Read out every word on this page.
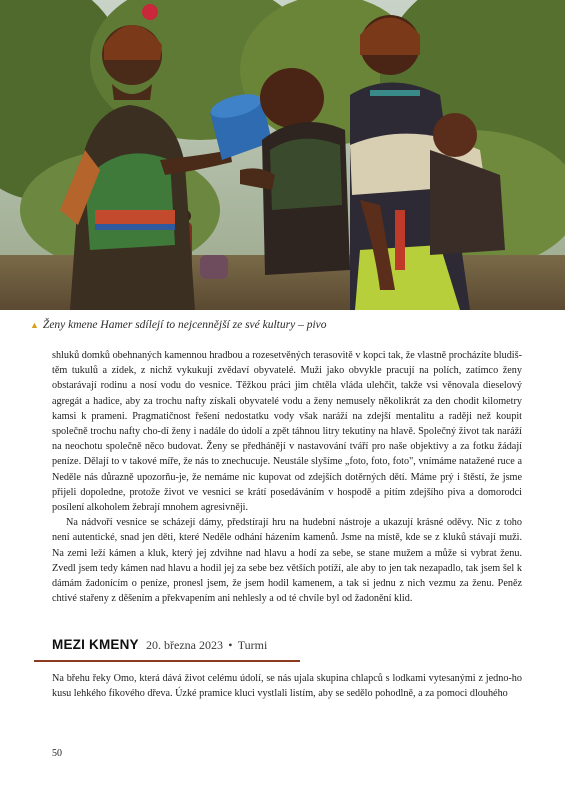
▲ Ženy kmene Hamer sdílejí to nejcennější ze své kultury – pivo

shluků domků obehnaných kamennou hradbou a rozesetvěných terasovitě v kopci tak, že vlastně procházíte bludiš-těm tukulů a zídek, z nichž vykukují zvědaví obyvatelé. Muži jako obvykle pracují na polích, zatímco ženy obstarávají rodinu a nosí vodu do vesnice. Těžkou práci jim chtěla vláda ulehčit, takže vsi věnovala dieselový agregát a hadice, aby za trochu nafty získali obyvatelé vodu a ženy nemusely několikrát za den chodit kilometry kamsi k prameni. Pragmatičnost řešení nedostatku vody však naráží na zdejší mentalitu a raději než koupit společně trochu nafty cho-dí ženy i nadále do údolí a zpět táhnou litry tekutiny na hlavě. Společný život tak naráží na neochotu společně něco budovat. Ženy se předhánějí v nastavování tváří pro naše objektivy a za fotku žádají peníze. Dělají to v takové míře, že nás to znechucuje. Neustále slyšíme „foto, foto, foto", vnímáme natažené ruce a Neděle nás důrazně upozorňu-je, že nemáme nic kupovat od zdejších dotěrných dětí. Máme prý i štěstí, že jsme přijeli dopoledne, protože život ve vesnici se krátí posedáváním v hospodě a pitím zdejšího piva a domorodci posílení alkoholem žebrají mnohem agresivněji.

Na nádvoří vesnice se scházejí dámy, předstírají hru na hudební nástroje a ukazují krásné oděvy. Nic z toho není autentické, snad jen děti, které Neděle odhání házením kamenů. Jsme na místě, kde se z kluků stávají muži. Na zemi leží kámen a kluk, který jej zdvihne nad hlavu a hodí za sebe, se stane mužem a může si vybrat ženu. Zvedl jsem tedy kámen nad hlavu a hodil jej za sebe bez větších potíží, ale aby to jen tak nezapadlo, tak jsem šel k dámám žadonícím o peníze, pronesl jsem, že jsem hodil kamenem, a tak si jednu z nich vezmu za ženu. Peněz chtivé stařeny z děšením a překvapením ani nehlesly a od té chvíle byl od žadonění klid.

MEZI KMENY 20. března 2023 • Turmi

Na břehu řeky Omo, která dává život celému údolí, se nás ujala skupina chlapců s lodkami vytesanými z jedno-ho kusu lehkého fíkového dřeva. Úzké pramice kluci vystlali listím, aby se sedělo pohodlně, a za pomoci dlouhého

50
